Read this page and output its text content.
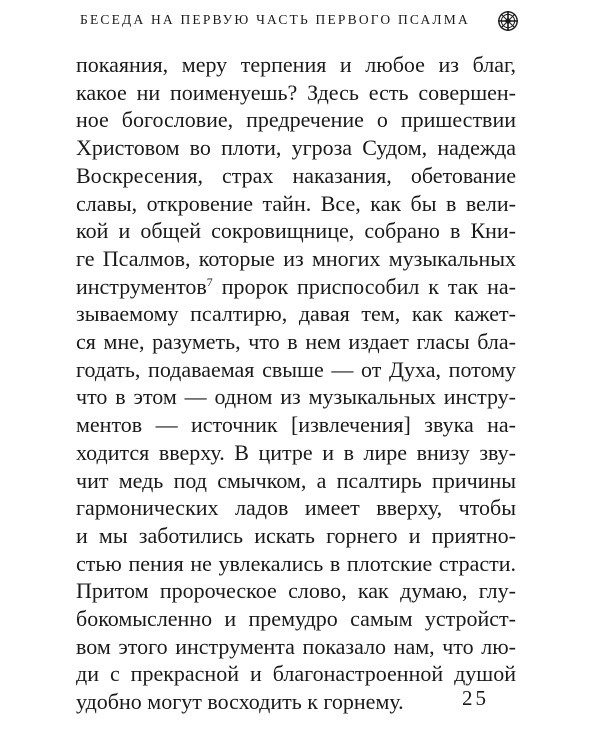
БЕСЕДА НА ПЕРВУЮ ЧАСТЬ ПЕРВОГО ПСАЛМА
покаяния, меру терпения и любое из благ,
какое ни поименуешь? Здесь есть совершен-
ное богословие, предречение о пришествии
Христовом во плоти, угроза Судом, надежда
Воскресения, страх наказания, обетование
славы, откровение тайн. Все, как бы в вели-
кой и общей сокровищнице, собрано в Кни-
ге Псалмов, которые из многих музыкальных
инструментов$^7$ пророк приспособил к так на-
зываемому псалтирю, давая тем, как кажет-
ся мне, разуметь, что в нем издает гласы бла-
годать, подаваемая свыше — от Духа, потому
что в этом — одном из музыкальных инстру-
ментов — источник [извлечения] звука на-
ходится вверху. В цитре и в лире внизу зву-
чит медь под смычком, а псалтирь причины
гармонических ладов имеет вверху, чтобы
и мы заботились искать горнего и приятно-
стью пения не увлекались в плотские страсти.
Притом пророческое слово, как думаю, глу-
бокомысленно и премудро самым устройст-
вом этого инструмента показало нам, что лю-
ди с прекрасной и благонастроенной душой
удобно могут восходить к горнему.	25
